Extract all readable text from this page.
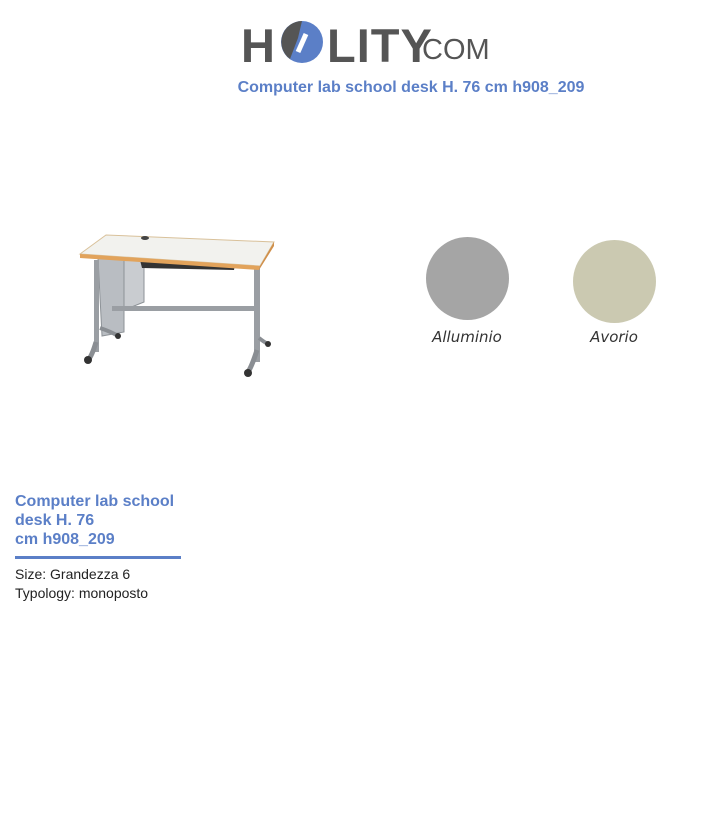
H LITY
.COM
Computer lab school desk H. 76 cm h908_209
Alluminio	Avorio
Computer lab school
desk H. 76
cm h908_209
Size: Grandezza 6
Typology: monoposto
